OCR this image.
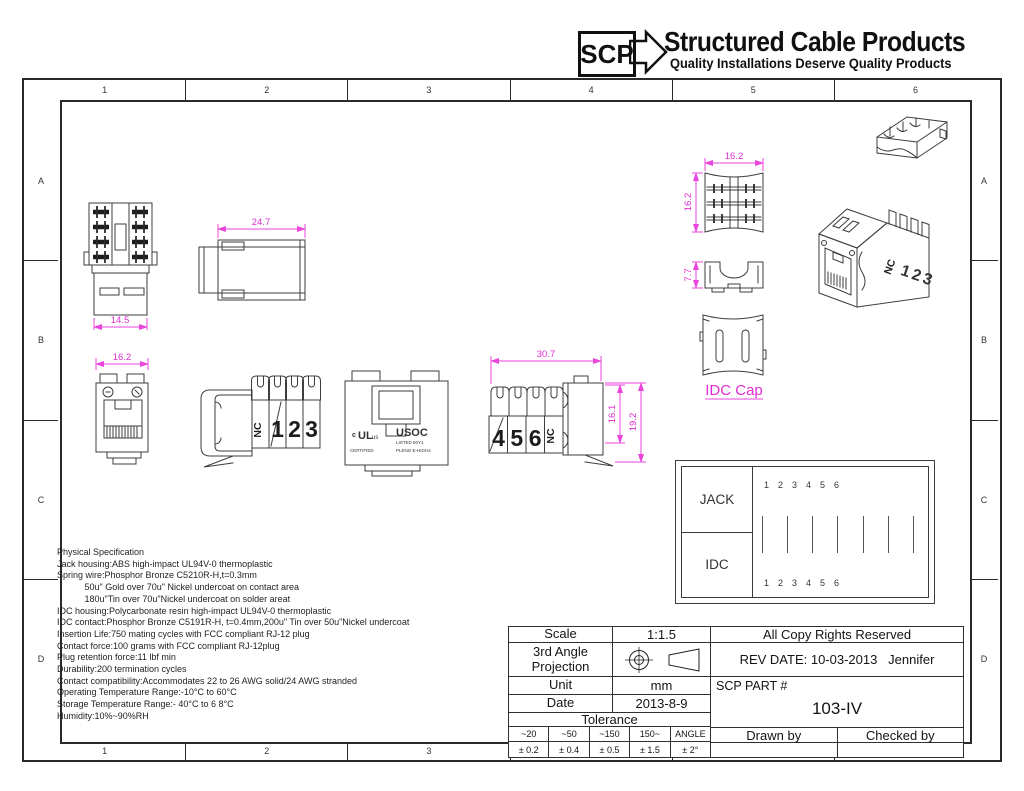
SCP Structured Cable Products
Quality Installations Deserve Quality Products
1	2	3	4	5	6
1	2	3
A
B
C
D
A
B
C
D
14.5
24.7
16.2
NC 1 2 3	c UL us USOC
LISTED 50Y1
CERTIFIED	PLENO E-HIGH4
30.7
4 5 6 NC
16.1 19.2
16.2
16.2
7.7
IDC Cap
NC 1
2
3
Physical Specification
Jack housing:ABS high-impact UL94V-0 thermoplastic
Spring wire:Phosphor Bronze C5210R-H,t=0.3mm
50u" Gold over 70u" Nickel undercoat on contact area
180u"Tin over 70u"Nickel undercoat on solder areat
IDC housing:Polycarbonate resin high-impact UL94V-0 thermoplastic
IDC contact:Phosphor Bronze C5191R-H, t=0.4mm,200u" Tin over 50u"Nickel undercoat
Insertion Life:750 mating cycles with FCC compliant RJ-12 plug
Contact force:100 grams with FCC compliant RJ-12plug
Plug retention force:11 lbf min
Durability:200 termination cycles
Contact compatibility:Accommodates 22 to 26 AWG solid/24 AWG stranded
Operating Temperature Range:-10°C to 60°C
Storage Temperature Range:- 40°C to 6 8°C
Humidity:10%~90%RH
JACK
IDC
1 2 3 4 5 6
1 2 3 4 5 6
Scale	1:1.5
3rd Angle Projection
Unit	mm
Date	2013-8-9
Tolerance
~20	~50	~150	150~	ANGLE
± 0.2	± 0.4	± 0.5	± 1.5	± 2°
All Copy Rights Reserved
REV DATE: 10-03-2013   Jennifer
SCP PART #
103-IV
Drawn by	Checked by
